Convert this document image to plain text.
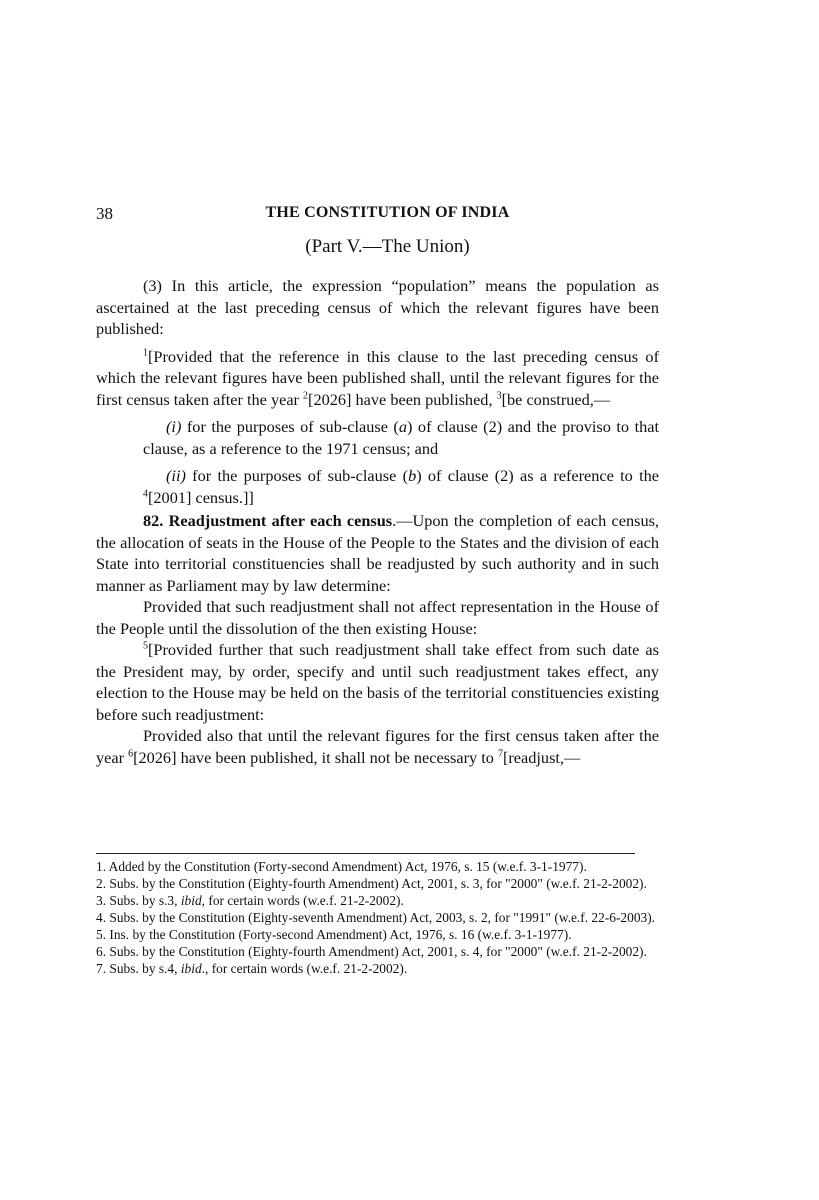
38	THE CONSTITUTION OF INDIA
(Part V.—The Union)

(3) In this article, the expression “population” means the population as ascertained at the last preceding census of which the relevant figures have been published:

$^1$[Provided that the reference in this clause to the last preceding census of which the relevant figures have been published shall, until the relevant figures for the first census taken after the year $^2$[2026] have been published, $^3$[be construed,—

(i) for the purposes of sub-clause (a) of clause (2) and the proviso to that clause, as a reference to the 1971 census; and

(ii) for the purposes of sub-clause (b) of clause (2) as a reference to the $^4$[2001] census.]]

82. Readjustment after each census.—Upon the completion of each census, the allocation of seats in the House of the People to the States and the division of each State into territorial constituencies shall be readjusted by such authority and in such manner as Parliament may by law determine:

Provided that such readjustment shall not affect representation in the House of the People until the dissolution of the then existing House:

$^5$[Provided further that such readjustment shall take effect from such date as the President may, by order, specify and until such readjustment takes effect, any election to the House may be held on the basis of the territorial constituencies existing before such readjustment:

Provided also that until the relevant figures for the first census taken after the year $^6$[2026] have been published, it shall not be necessary to $^7$[readjust,—

1. Added by the Constitution (Forty-second Amendment) Act, 1976, s. 15 (w.e.f. 3-1-1977).

2. Subs. by the Constitution (Eighty-fourth Amendment) Act, 2001, s. 3, for "2000" (w.e.f. 21-2-2002).

3. Subs. by s.3, ibid, for certain words (w.e.f. 21-2-2002).

4. Subs. by the Constitution (Eighty-seventh Amendment) Act, 2003, s. 2, for "1991" (w.e.f. 22-6-2003).

5. Ins. by the Constitution (Forty-second Amendment) Act, 1976, s. 16 (w.e.f. 3-1-1977).

6. Subs. by the Constitution (Eighty-fourth Amendment) Act, 2001, s. 4, for "2000" (w.e.f. 21-2-2002).

7. Subs. by s.4, ibid., for certain words (w.e.f. 21-2-2002).
